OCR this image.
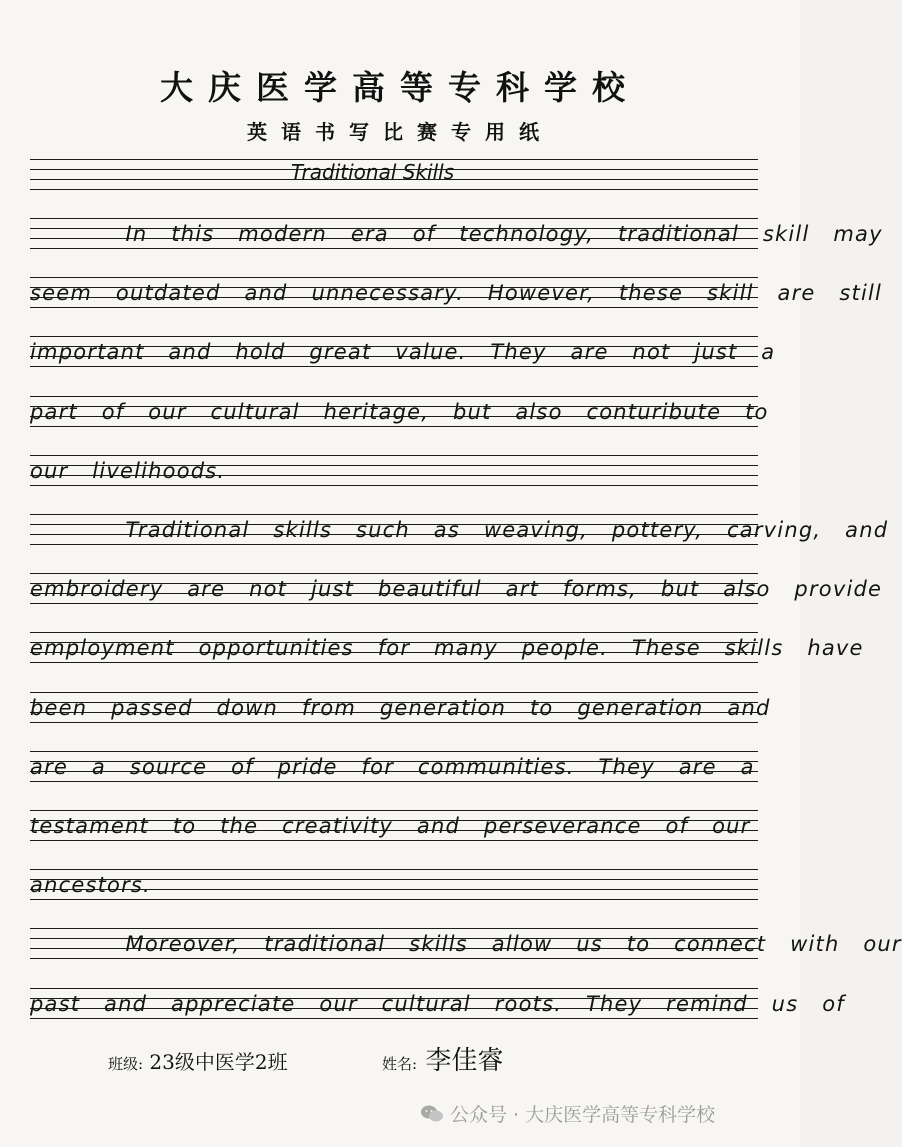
大庆医学高等专科学校
英语书写比赛专用纸
Traditional Skills
In this modern era of technology, traditional skill may
seem outdated and unnecessary. However, these skill are still
important and hold great value. They are not just a
part of our cultural heritage, but also conturibute to
our livelihoods.
Traditional skills such as weaving, pottery, carving, and
embroidery are not just beautiful art forms, but also provide
employment opportunities for many people. These skills have
been passed down from generation to generation and
are a source of pride for communities. They are a
testament to the creativity and perseverance of our
ancestors.
Moreover, traditional skills allow us to connect with our
past and appreciate our cultural roots. They remind us of
班级: 23级中医学2班	姓名: 李佳睿
公众号 · 大庆医学高等专科学校
